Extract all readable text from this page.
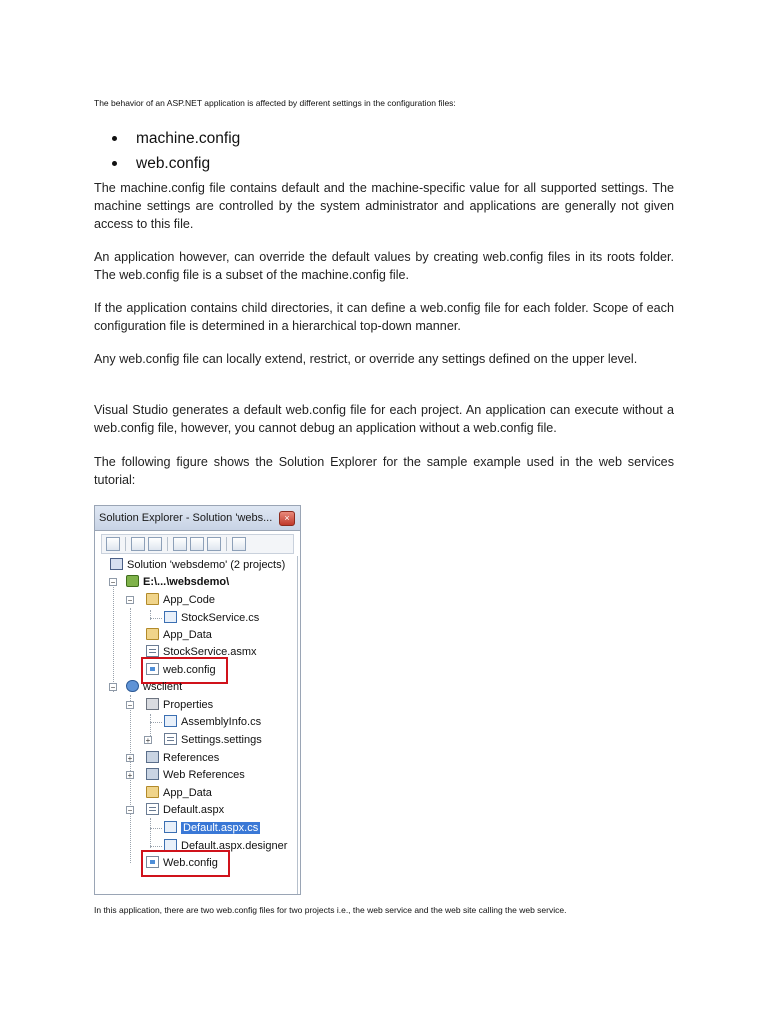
The behavior of an ASP.NET application is affected by different settings in the configuration files:
machine.config
web.config

The machine.config file contains default and the machine-specific value for all supported settings. The machine settings are controlled by the system administrator and applications are generally not given access to this file.

An application however, can override the default values by creating web.config files in its roots folder. The web.config file is a subset of the machine.config file.

If the application contains child directories, it can define a web.config file for each folder. Scope of each configuration file is determined in a hierarchical top-down manner.

Any web.config file can locally extend, restrict, or override any settings defined on the upper level.

Visual Studio generates a default web.config file for each project. An application can execute without a web.config file, however, you cannot debug an application without a web.config file.

The following figure shows the Solution Explorer for the sample example used in the web services tutorial:

In this application, there are two web.config files for two projects i.e., the web service and the web site calling the web service.
Solution Explorer - Solution 'webs...	×
Solution 'websdemo' (2 projects)
−	E:\...\websdemo\
−	App_Code
StockService.cs
App_Data
StockService.asmx
web.config
−	wsclient
−	Properties
AssemblyInfo.cs
+	Settings.settings
+	References
+	Web References
App_Data
−	Default.aspx
Default.aspx.cs
Default.aspx.designer
Web.config
